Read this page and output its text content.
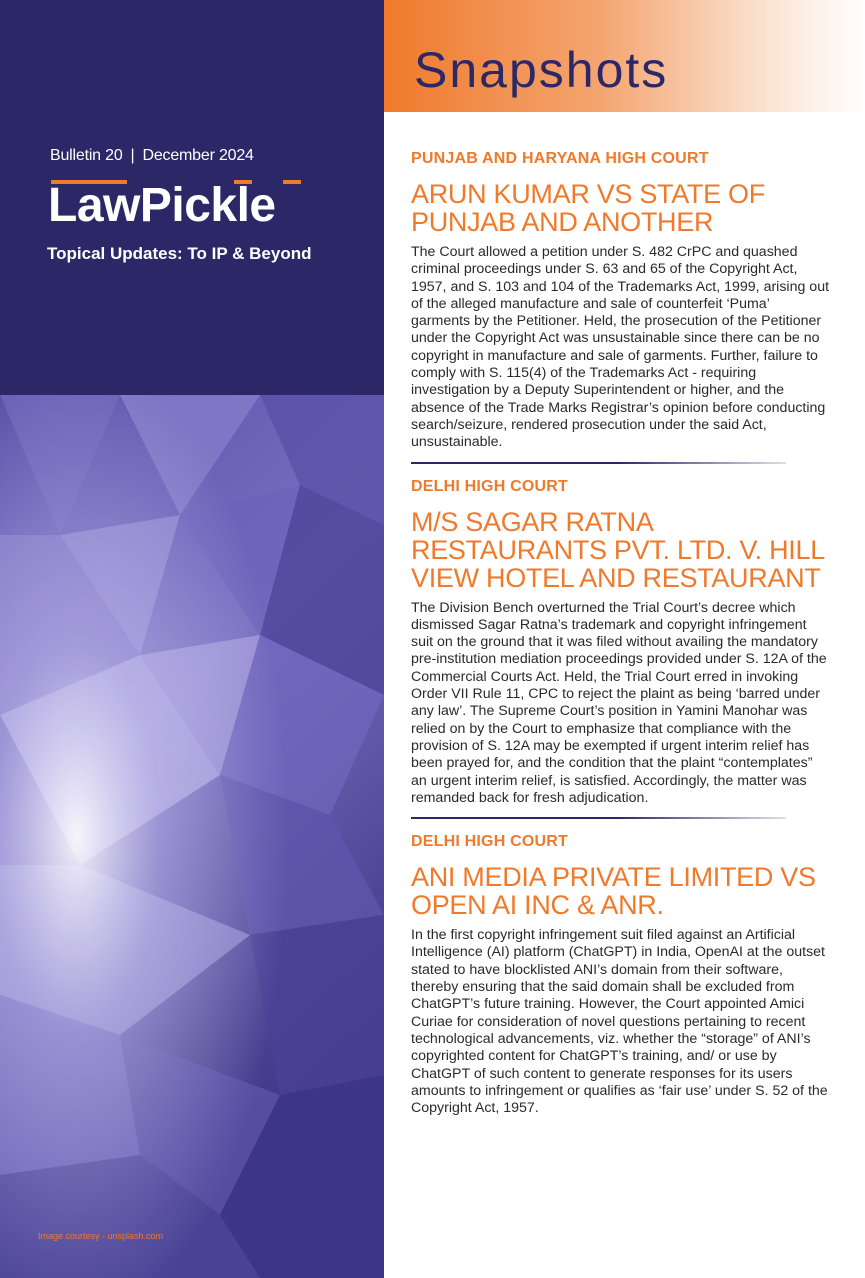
Bulletin 20 | December 2024
LawPickle
Topical Updates: To IP & Beyond
Image courtesy - unsplash.com
Snapshots
PUNJAB AND HARYANA HIGH COURT
ARUN KUMAR VS STATE OF PUNJAB AND ANOTHER
The Court allowed a petition under S. 482 CrPC and quashed criminal proceedings under S. 63 and 65 of the Copyright Act, 1957, and S. 103 and 104 of the Trademarks Act, 1999, arising out of the alleged manufacture and sale of counterfeit ‘Puma’ garments by the Petitioner. Held, the prosecution of the Petitioner under the Copyright Act was unsustainable since there can be no copyright in manufacture and sale of garments. Further, failure to comply with S. 115(4) of the Trademarks Act - requiring investigation by a Deputy Superintendent or higher, and the absence of the Trade Marks Registrar’s opinion before conducting search/seizure, rendered prosecution under the said Act, unsustainable.
DELHI HIGH COURT
M/S SAGAR RATNA RESTAURANTS PVT. LTD. V. HILL VIEW HOTEL AND RESTAURANT
The Division Bench overturned the Trial Court’s decree which dismissed Sagar Ratna’s trademark and copyright infringement suit on the ground that it was filed without availing the mandatory pre-institution mediation proceedings provided under S. 12A of the Commercial Courts Act. Held, the Trial Court erred in invoking Order VII Rule 11, CPC to reject the plaint as being ‘barred under any law’. The Supreme Court’s position in Yamini Manohar was relied on by the Court to emphasize that compliance with the provision of S. 12A may be exempted if urgent interim relief has been prayed for, and the condition that the plaint “contemplates” an urgent interim relief, is satisfied. Accordingly, the matter was remanded back for fresh adjudication.
DELHI HIGH COURT
ANI MEDIA PRIVATE LIMITED VS OPEN AI INC & ANR.
In the first copyright infringement suit filed against an Artificial Intelligence (AI) platform (ChatGPT) in India, OpenAI at the outset stated to have blocklisted ANI’s domain from their software, thereby ensuring that the said domain shall be excluded from ChatGPT’s future training. However, the Court appointed Amici Curiae for consideration of novel questions pertaining to recent technological advancements, viz. whether the “storage” of ANI’s copyrighted content for ChatGPT’s training, and/ or use by ChatGPT of such content to generate responses for its users amounts to infringement or qualifies as ‘fair use’ under S. 52 of the Copyright Act, 1957.
